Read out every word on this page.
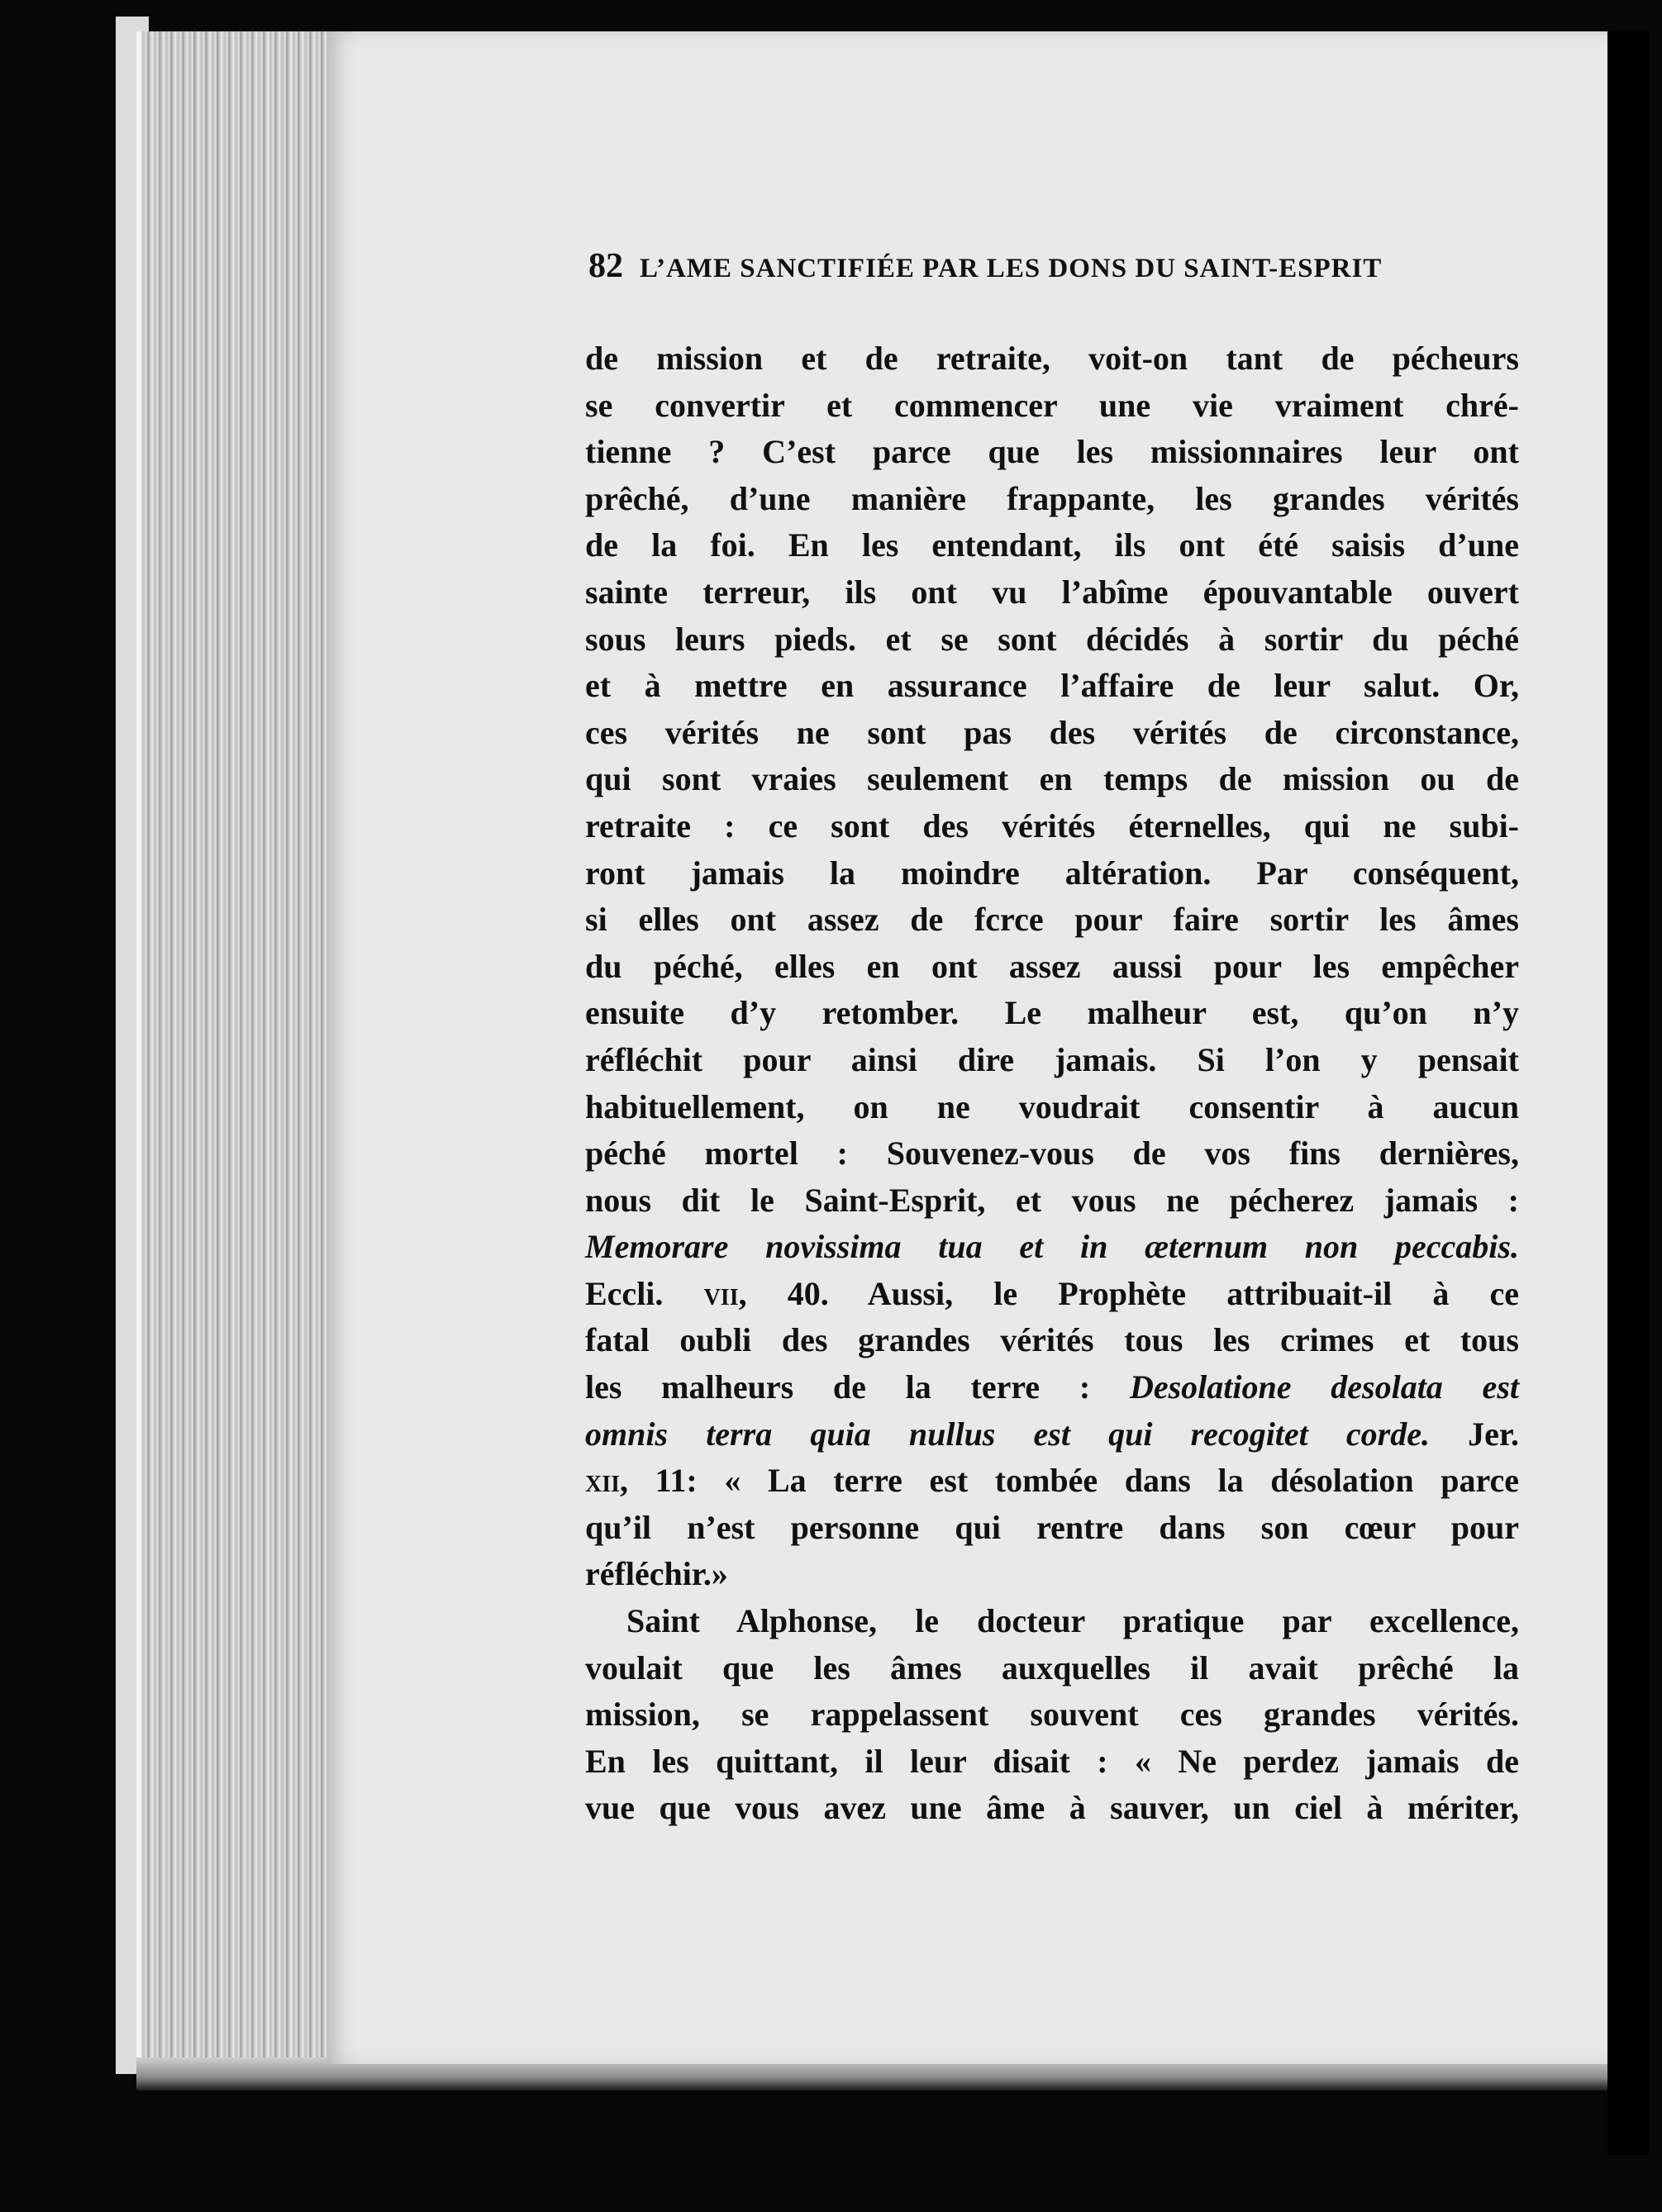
82 L’AME SANCTIFIÉE PAR LES DONS DU SAINT-ESPRIT
de mission et de retraite, voit-on tant de pécheurs
se convertir et commencer une vie vraiment chré-
tienne ? C’est parce que les missionnaires leur ont
prêché, d’une manière frappante, les grandes vérités
de la foi. En les entendant, ils ont été saisis d’une
sainte terreur, ils ont vu l’abîme épouvantable ouvert
sous leurs pieds. et se sont décidés à sortir du péché
et à mettre en assurance l’affaire de leur salut. Or,
ces vérités ne sont pas des vérités de circonstance,
qui sont vraies seulement en temps de mission ou de
retraite : ce sont des vérités éternelles, qui ne subi-
ront jamais la moindre altération. Par conséquent,
si elles ont assez de fcrce pour faire sortir les âmes
du péché, elles en ont assez aussi pour les empêcher
ensuite d’y retomber. Le malheur est, qu’on n’y
réfléchit pour ainsi dire jamais. Si l’on y pensait
habituellement, on ne voudrait consentir à aucun
péché mortel : Souvenez-vous de vos fins dernières,
nous dit le Saint-Esprit, et vous ne pécherez jamais :
Memorare novissima tua et in æternum non peccabis.
Eccli. vii, 40. Aussi, le Prophète attribuait-il à ce
fatal oubli des grandes vérités tous les crimes et tous
les malheurs de la terre : Desolatione desolata est
omnis terra quia nullus est qui recogitet corde. Jer.
xii, 11: « La terre est tombée dans la désolation parce
qu’il n’est personne qui rentre dans son cœur pour
réfléchir.»
Saint Alphonse, le docteur pratique par excellence,
voulait que les âmes auxquelles il avait prêché la
mission, se rappelassent souvent ces grandes vérités.
En les quittant, il leur disait : « Ne perdez jamais de
vue que vous avez une âme à sauver, un ciel à mériter,
